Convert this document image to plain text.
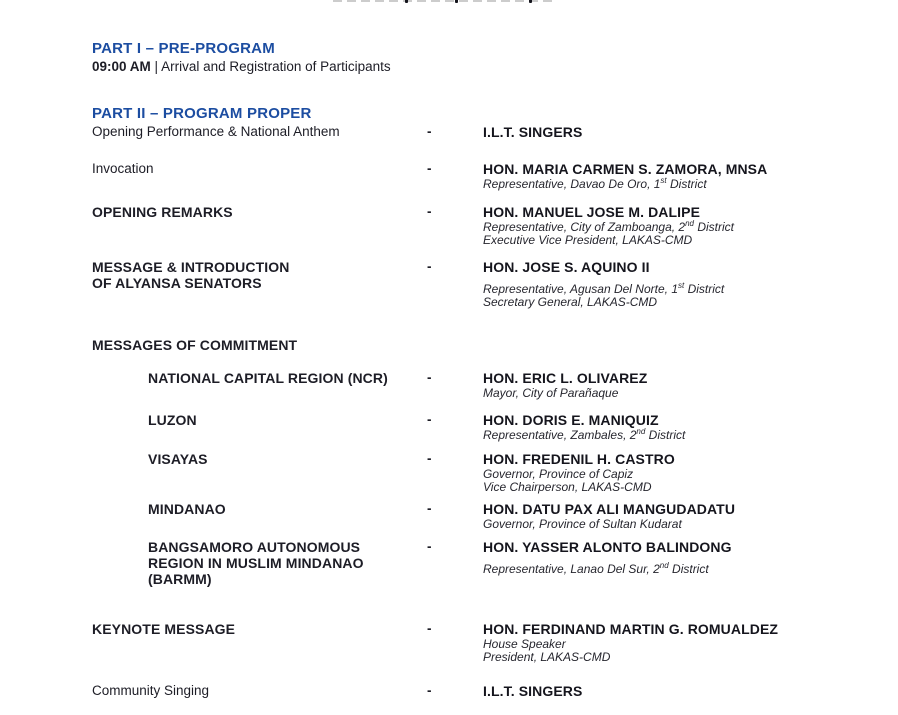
PART I – PRE-PROGRAM
09:00 AM | Arrival and Registration of Participants
PART II – PROGRAM PROPER
Opening Performance & National Anthem	-	I.L.T. SINGERS
Invocation	-	HON. MARIA CARMEN S. ZAMORA, MNSA
Representative, Davao De Oro, 1st District
OPENING REMARKS	-	HON. MANUEL JOSE M. DALIPE
Representative, City of Zamboanga, 2nd District
Executive Vice President, LAKAS-CMD
MESSAGE & INTRODUCTION
OF ALYANSA SENATORS
-	HON. JOSE S. AQUINO II
Representative, Agusan Del Norte, 1st District
Secretary General, LAKAS-CMD
MESSAGES OF COMMITMENT
NATIONAL CAPITAL REGION (NCR)	-	HON. ERIC L. OLIVAREZ
Mayor, City of Parañaque
LUZON	-	HON. DORIS E. MANIQUIZ
Representative, Zambales, 2nd District
VISAYAS	-	HON. FREDENIL H. CASTRO
Governor, Province of Capiz
Vice Chairperson, LAKAS-CMD
MINDANAO	-	HON. DATU PAX ALI MANGUDADATU
Governor, Province of Sultan Kudarat
BANGSAMORO AUTONOMOUS
REGION IN MUSLIM MINDANAO
(BARMM)
-	HON. YASSER ALONTO BALINDONG
Representative, Lanao Del Sur, 2nd District
KEYNOTE MESSAGE	-	HON. FERDINAND MARTIN G. ROMUALDEZ
House Speaker
President, LAKAS-CMD
Community Singing	-	I.L.T. SINGERS
